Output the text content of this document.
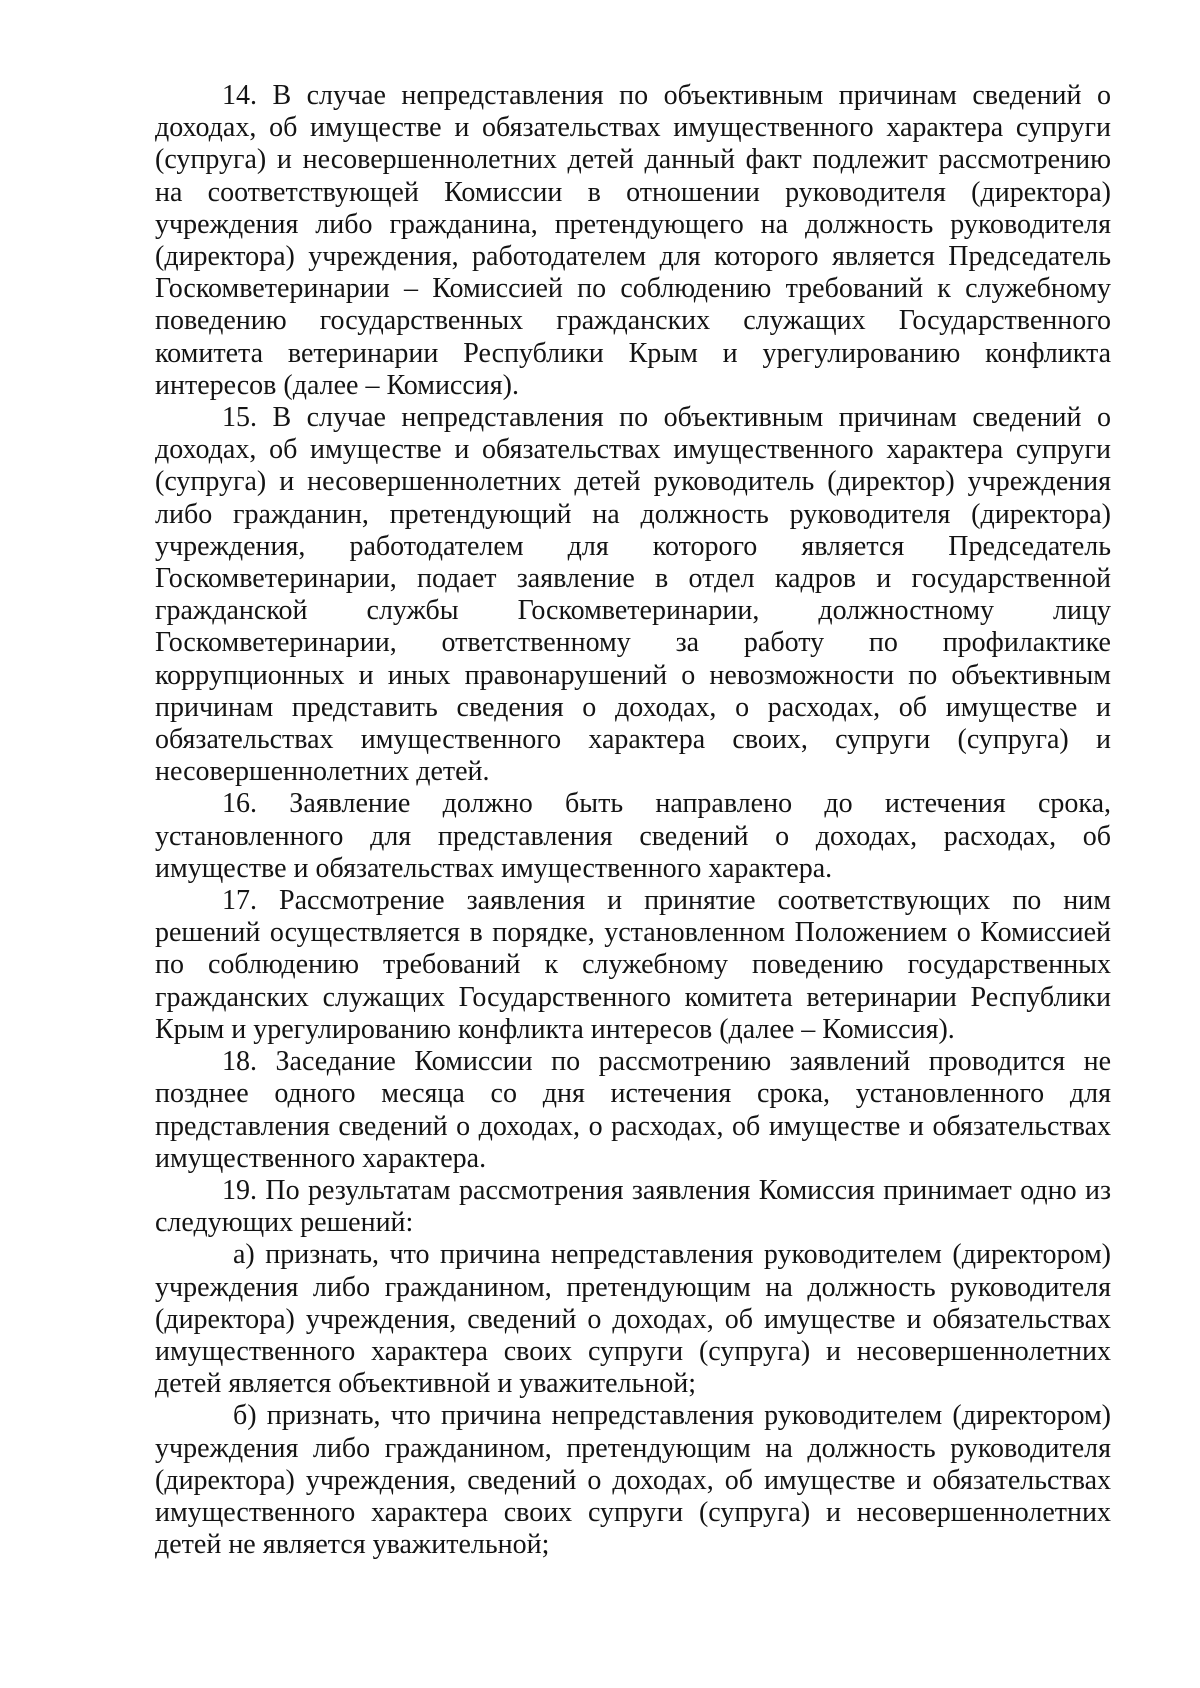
14. В случае непредставления по объективным причинам сведений о доходах, об имуществе и обязательствах имущественного характера супруги (супруга) и несовершеннолетних детей данный факт подлежит рассмотрению на соответствующей Комиссии в отношении руководителя (директора) учреждения либо гражданина, претендующего на должность руководителя (директора) учреждения, работодателем для которого является Председатель Госкомветеринарии – Комиссией по соблюдению требований к служебному поведению государственных гражданских служащих Государственного комитета ветеринарии Республики Крым и урегулированию конфликта интересов (далее – Комиссия).

15. В случае непредставления по объективным причинам сведений о доходах, об имуществе и обязательствах имущественного характера супруги (супруга) и несовершеннолетних детей руководитель (директор) учреждения либо гражданин, претендующий на должность руководителя (директора) учреждения, работодателем для которого является Председатель Госкомветеринарии, подает заявление в отдел кадров и государственной гражданской службы Госкомветеринарии, должностному лицу Госкомветеринарии, ответственному за работу по профилактике коррупционных и иных правонарушений о невозможности по объективным причинам представить сведения о доходах, о расходах, об имуществе и обязательствах имущественного характера своих, супруги (супруга) и несовершеннолетних детей.

16. Заявление должно быть направлено до истечения срока, установленного для представления сведений о доходах, расходах, об имуществе и обязательствах имущественного характера.

17. Рассмотрение заявления и принятие соответствующих по ним решений осуществляется в порядке, установленном Положением о Комиссией по соблюдению требований к служебному поведению государственных гражданских служащих Государственного комитета ветеринарии Республики Крым и урегулированию конфликта интересов (далее – Комиссия).

18. Заседание Комиссии по рассмотрению заявлений проводится не позднее одного месяца со дня истечения срока, установленного для представления сведений о доходах, о расходах, об имуществе и обязательствах имущественного характера.

19. По результатам рассмотрения заявления Комиссия принимает одно из следующих решений:

а) признать, что причина непредставления руководителем (директором) учреждения либо гражданином, претендующим на должность руководителя (директора) учреждения, сведений о доходах, об имуществе и обязательствах имущественного характера своих супруги (супруга) и несовершеннолетних детей является объективной и уважительной;

б) признать, что причина непредставления руководителем (директором) учреждения либо гражданином, претендующим на должность руководителя (директора) учреждения, сведений о доходах, об имуществе и обязательствах имущественного характера своих супруги (супруга) и несовершеннолетних детей не является уважительной;
